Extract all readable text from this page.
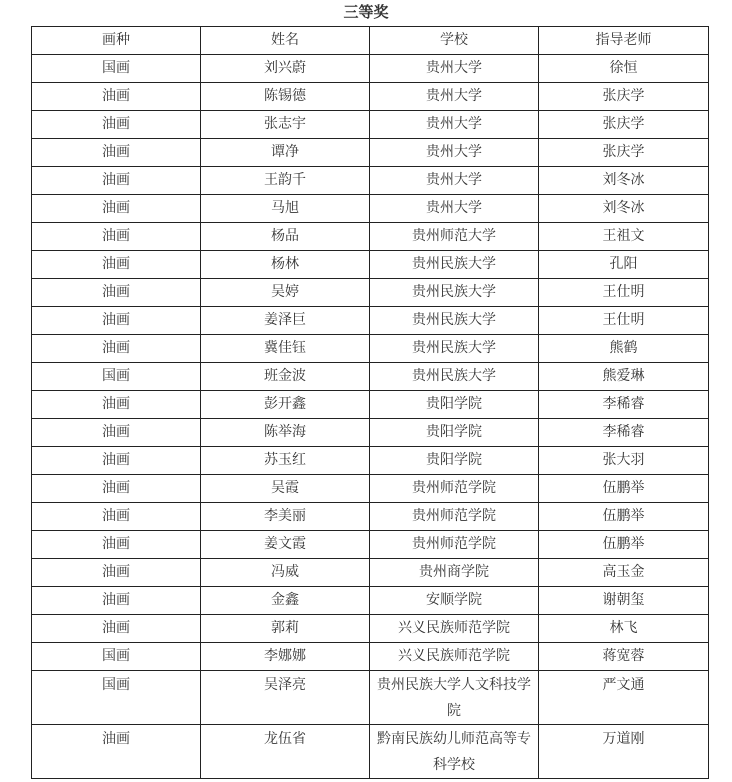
三等奖
画种	姓名	学校	指导老师
国画	刘兴蔚	贵州大学	徐恒
油画	陈锡德	贵州大学	张庆学
油画	张志宇	贵州大学	张庆学
油画	谭净	贵州大学	张庆学
油画	王韵千	贵州大学	刘冬冰
油画	马旭	贵州大学	刘冬冰
油画	杨品	贵州师范大学	王祖文
油画	杨林	贵州民族大学	孔阳
油画	吴婷	贵州民族大学	王仕明
油画	姜泽巨	贵州民族大学	王仕明
油画	冀佳钰	贵州民族大学	熊鹤
国画	班金波	贵州民族大学	熊爱琳
油画	彭开鑫	贵阳学院	李稀睿
油画	陈举海	贵阳学院	李稀睿
油画	苏玉红	贵阳学院	张大羽
油画	吴霞	贵州师范学院	伍鹏举
油画	李美丽	贵州师范学院	伍鹏举
油画	姜文霞	贵州师范学院	伍鹏举
油画	冯威	贵州商学院	高玉金
油画	金鑫	安顺学院	谢朝玺
油画	郭莉	兴义民族师范学院	林飞
国画	李娜娜	兴义民族师范学院	蒋宽蓉
国画	吴泽亮	贵州民族大学人文科技学院	严文通
油画	龙伍省	黔南民族幼儿师范高等专科学校	万道刚
